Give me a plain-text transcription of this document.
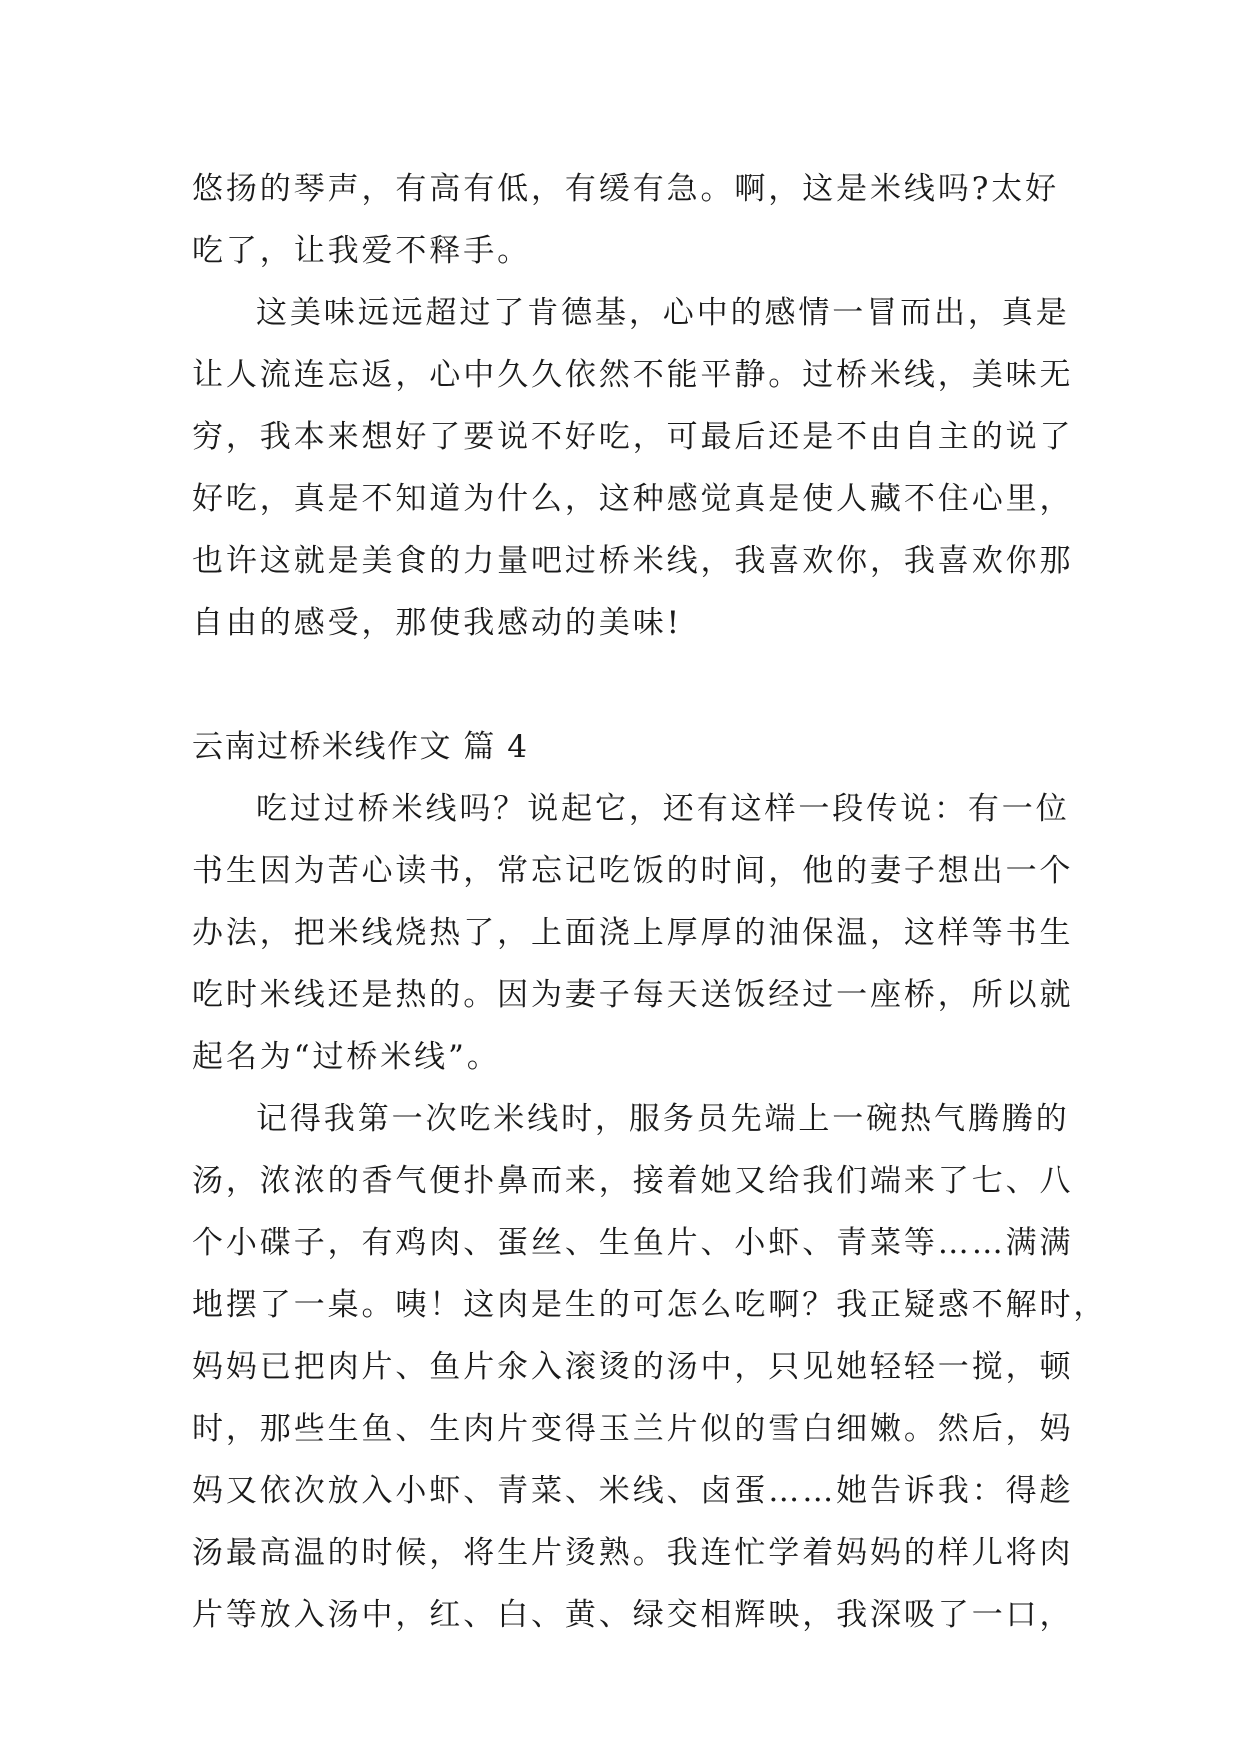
悠扬的琴声，有高有低，有缓有急。啊，这是米线吗?太好
吃了，让我爱不释手。
这美味远远超过了肯德基，心中的感情一冒而出，真是
让人流连忘返，心中久久依然不能平静。过桥米线，美味无
穷，我本来想好了要说不好吃，可最后还是不由自主的说了
好吃，真是不知道为什么，这种感觉真是使人藏不住心里，
也许这就是美食的力量吧过桥米线，我喜欢你，我喜欢你那
自由的感受，那使我感动的美味!
云南过桥米线作文 篇 4
吃过过桥米线吗？说起它，还有这样一段传说：有一位
书生因为苦心读书，常忘记吃饭的时间，他的妻子想出一个
办法，把米线烧热了，上面浇上厚厚的油保温，这样等书生
吃时米线还是热的。因为妻子每天送饭经过一座桥，所以就
起名为“过桥米线”。
记得我第一次吃米线时，服务员先端上一碗热气腾腾的
汤，浓浓的香气便扑鼻而来，接着她又给我们端来了七、八
个小碟子，有鸡肉、蛋丝、生鱼片、小虾、青菜等……满满
地摆了一桌。咦！这肉是生的可怎么吃啊？我正疑惑不解时，
妈妈已把肉片、鱼片氽入滚烫的汤中，只见她轻轻一搅，顿
时，那些生鱼、生肉片变得玉兰片似的雪白细嫩。然后，妈
妈又依次放入小虾、青菜、米线、卤蛋……她告诉我：得趁
汤最高温的时候，将生片烫熟。我连忙学着妈妈的样儿将肉
片等放入汤中，红、白、黄、绿交相辉映，我深吸了一口，
